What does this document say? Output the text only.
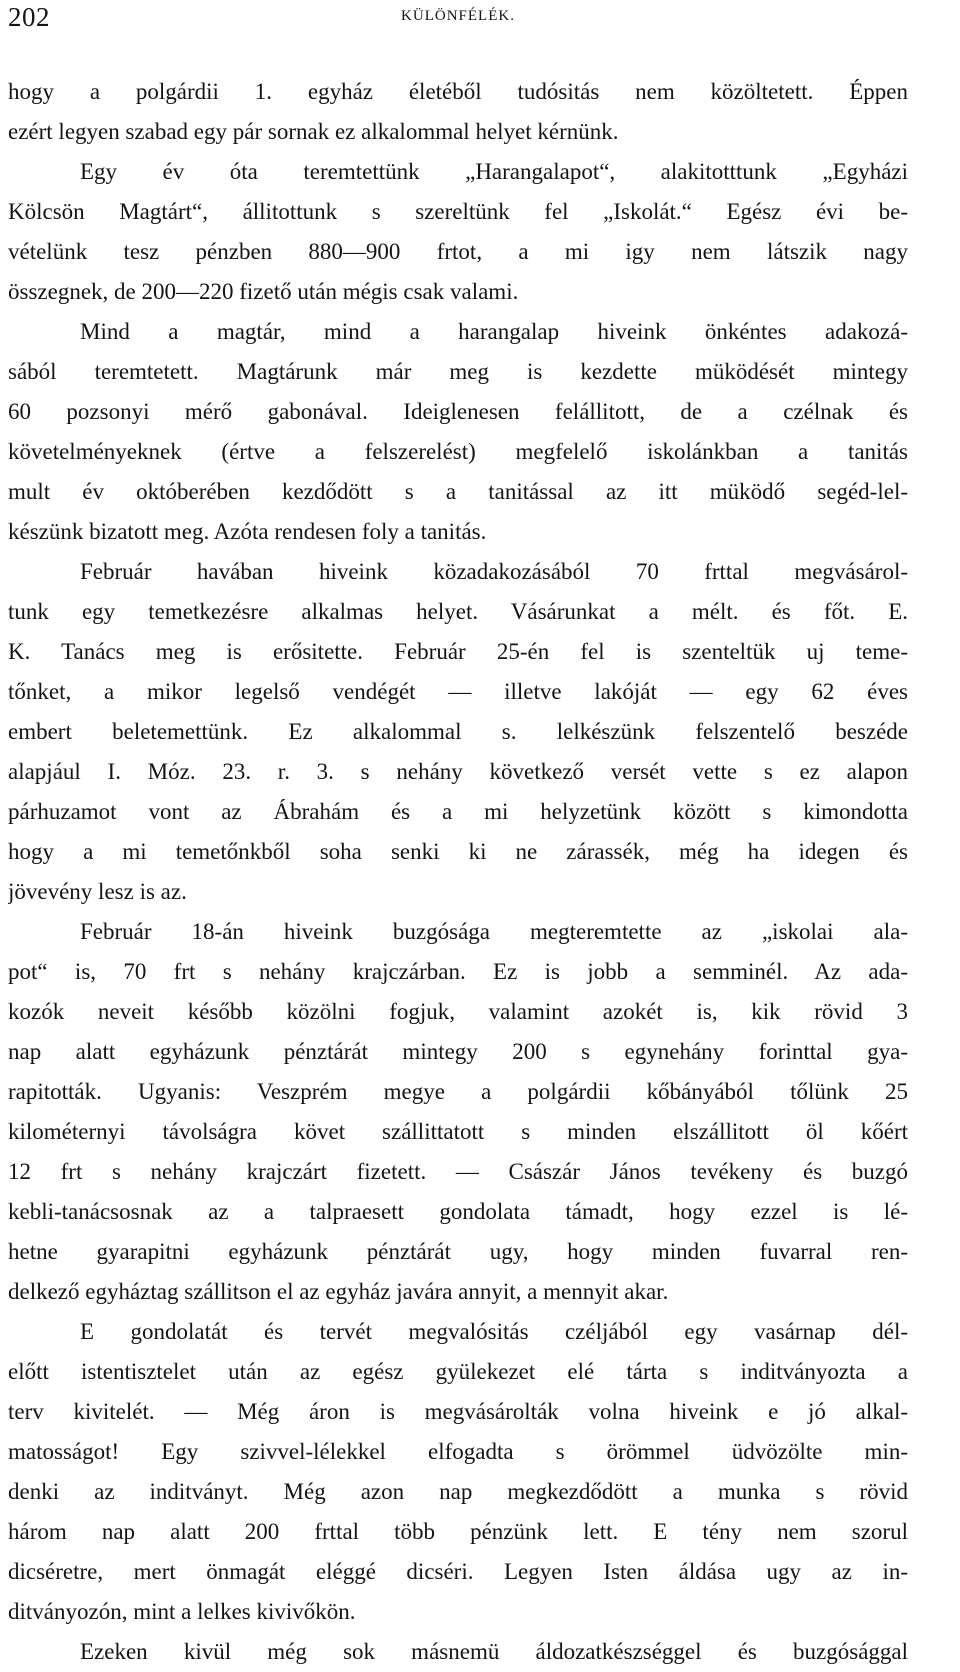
202	KÜLÖNFÉLÉK.
hogy a polgárdii 1. egyház életéből tudósitás nem közöltetett. Éppen
ezért legyen szabad egy pár sornak ez alkalommal helyet kérnünk.
Egy év óta teremtettünk „Harangalapot“, alakitotttunk „Egyházi
Kölcsön Magtárt“, állitottunk s szereltünk fel „Iskolát.“ Egész évi be-
vételünk tesz pénzben 880—900 frtot, a mi igy nem látszik nagy
összegnek, de 200—220 fizető után mégis csak valami.
Mind a magtár, mind a harangalap hiveink önkéntes adakozá-
sából teremtetett. Magtárunk már meg is kezdette müködését mintegy
60 pozsonyi mérő gabonával. Ideiglenesen felállitott, de a czélnak és
követelményeknek (értve a felszerelést) megfelelő iskolánkban a tanitás
mult év októberében kezdődött s a tanitással az itt müködő segéd-lel-
készünk bizatott meg. Azóta rendesen foly a tanitás.
Február havában hiveink közadakozásából 70 frttal megvásárol-
tunk egy temetkezésre alkalmas helyet. Vásárunkat a mélt. és főt. E.
K. Tanács meg is erősitette. Február 25-én fel is szenteltük uj teme-
tőnket, a mikor legelső vendégét — illetve lakóját — egy 62 éves
embert beletemettünk. Ez alkalommal s. lelkészünk felszentelő beszéde
alapjául I. Móz. 23. r. 3. s nehány következő versét vette s ez alapon
párhuzamot vont az Ábrahám és a mi helyzetünk között s kimondotta
hogy a mi temetőnkből soha senki ki ne zárassék, még ha idegen és
jövevény lesz is az.
Február 18-án hiveink buzgósága megteremtette az „iskolai ala-
pot“ is, 70 frt s nehány krajczárban. Ez is jobb a semminél. Az ada-
kozók neveit később közölni fogjuk, valamint azokét is, kik rövid 3
nap alatt egyházunk pénztárát mintegy 200 s egynehány forinttal gya-
rapitották. Ugyanis: Veszprém megye a polgárdii kőbányából tőlünk 25
kilométernyi távolságra követ szállittatott s minden elszállitott öl kőért
12 frt s nehány krajczárt fizetett. — Császár János tevékeny és buzgó
kebli-tanácsosnak az a talpraesett gondolata támadt, hogy ezzel is lé-
hetne gyarapitni egyházunk pénztárát ugy, hogy minden fuvarral ren-
delkező egyháztag szállitson el az egyház javára annyit, a mennyit akar.
E gondolatát és tervét megvalósitás czéljából egy vasárnap dél-
előtt istentisztelet után az egész gyülekezet elé tárta s inditványozta a
terv kivitelét. — Még áron is megvásárolták volna hiveink e jó alkal-
matosságot! Egy szivvel-lélekkel elfogadta s örömmel üdvözölte min-
denki az inditványt. Még azon nap megkezdődött a munka s rövid
három nap alatt 200 frttal több pénzünk lett. E tény nem szorul
dicséretre, mert önmagát eléggé dicséri. Legyen Isten áldása ugy az in-
ditványozón, mint a lelkes kivivőkön.
Ezeken kivül még sok másnemü áldozatkészséggel és buzgósággal
